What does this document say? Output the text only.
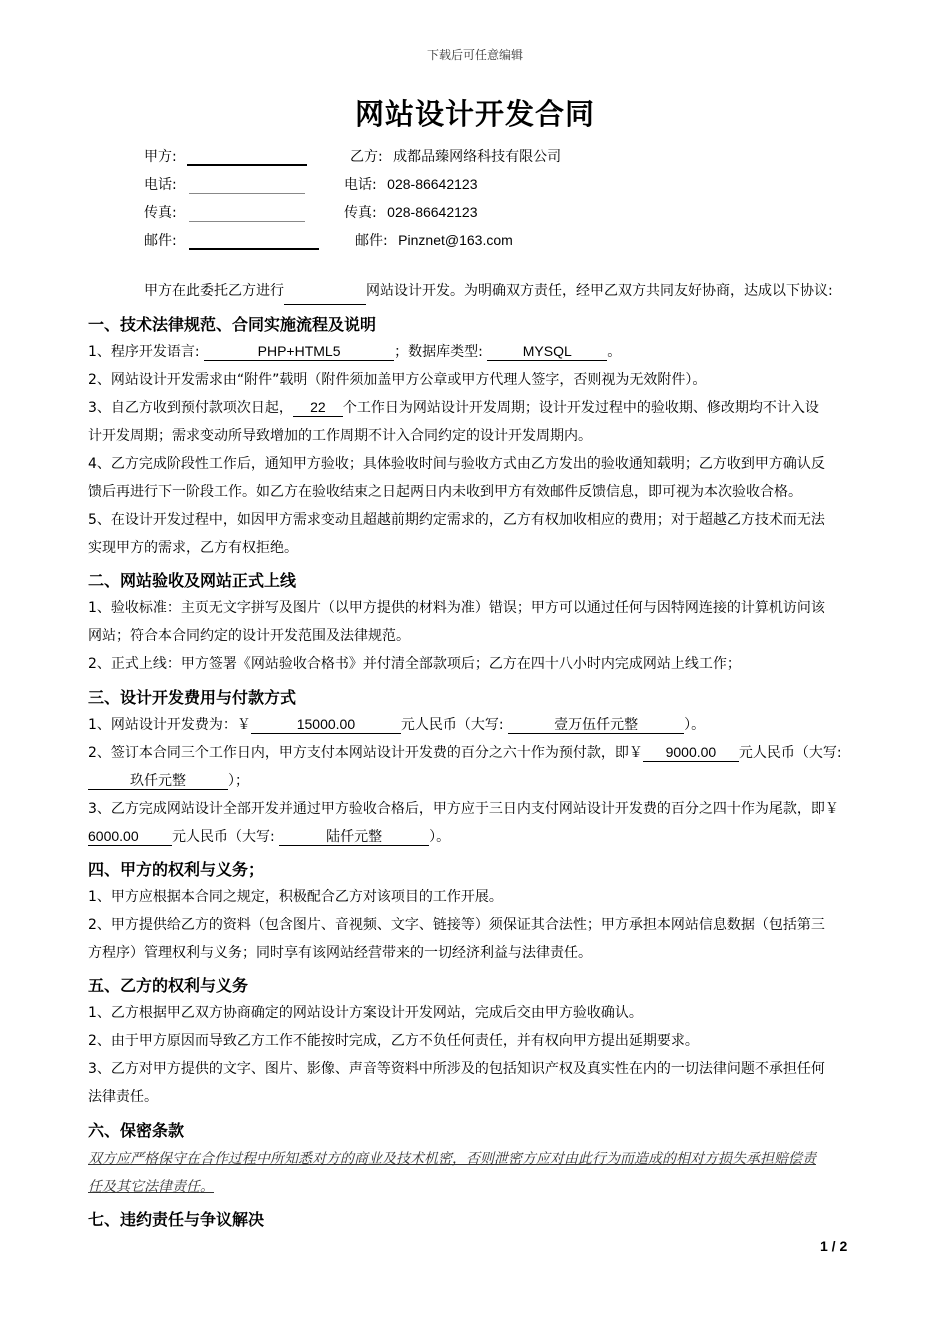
下载后可任意编辑
网站设计开发合同
甲方:	乙方: 成都品臻网络科技有限公司
电话:	电话: 028-86642123
传真:	传真: 028-86642123
邮件:	邮件: Pinznet@163.com
甲方在此委托乙方进行	网站设计开发。为明确双方责任，经甲乙双方共同友好协商，达成以下协议:
一、技术法律规范、合同实施流程及说明
1、程序开发语言:	PHP+HTML5	；数据库类型:	MYSQL	。
2、网站设计开发需求由“附件”载明（附件须加盖甲方公章或甲方代理人签字，否则视为无效附件）。
3、自乙方收到预付款项次日起， 22 个工作日为网站设计开发周期；设计开发过程中的验收期、修改期均不计入设
计开发周期；需求变动所导致增加的工作周期不计入合同约定的设计开发周期内。
4、乙方完成阶段性工作后，通知甲方验收；具体验收时间与验收方式由乙方发出的验收通知载明；乙方收到甲方确认反
馈后再进行下一阶段工作。如乙方在验收结束之日起两日内未收到甲方有效邮件反馈信息，即可视为本次验收合格。
5、在设计开发过程中，如因甲方需求变动且超越前期约定需求的，乙方有权加收相应的费用；对于超越乙方技术而无法
实现甲方的需求，乙方有权拒绝。
二、网站验收及网站正式上线
1、验收标准：主页无文字拼写及图片（以甲方提供的材料为准）错误；甲方可以通过任何与因特网连接的计算机访问该
网站；符合本合同约定的设计开发范围及法律规范。
2、正式上线：甲方签署《网站验收合格书》并付清全部款项后；乙方在四十八小时内完成网站上线工作；
三、设计开发费用与付款方式
1、网站设计开发费为：￥	15000.00	元人民币（大写:	壹万伍仟元整	）。
2、签订本合同三个工作日内，甲方支付本网站设计开发费的百分之六十作为预付款，即￥ 9000.00 元人民币（大写:
玖仟元整	）；
3、乙方完成网站设计全部开发并通过甲方验收合格后，甲方应于三日内支付网站设计开发费的百分之四十作为尾款，即￥
6000.00 元人民币（大写:	陆仟元整	）。
四、甲方的权利与义务；
1、甲方应根据本合同之规定，积极配合乙方对该项目的工作开展。
2、甲方提供给乙方的资料（包含图片、音视频、文字、链接等）须保证其合法性；甲方承担本网站信息数据（包括第三
方程序）管理权利与义务；同时享有该网站经营带来的一切经济利益与法律责任。
五、乙方的权利与义务
1、乙方根据甲乙双方协商确定的网站设计方案设计开发网站，完成后交由甲方验收确认。
2、由于甲方原因而导致乙方工作不能按时完成，乙方不负任何责任，并有权向甲方提出延期要求。
3、乙方对甲方提供的文字、图片、影像、声音等资料中所涉及的包括知识产权及真实性在内的一切法律问题不承担任何
法律责任。
六、保密条款
双方应严格保守在合作过程中所知悉对方的商业及技术机密，否则泄密方应对由此行为而造成的相对方损失承担赔偿责
任及其它法律责任。
七、违约责任与争议解决
1 / 2
